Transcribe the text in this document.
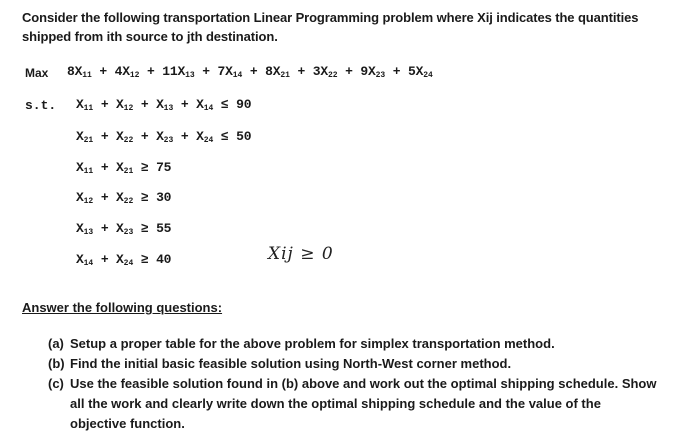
Consider the following transportation Linear Programming problem where Xij indicates the quantities
shipped from ith source to jth destination.
Max $8X_{11} + 4X_{12} + 11X_{13} + 7X_{14} + 8X_{21} + 3X_{22} + 9X_{23} + 5X_{24}$
s.t. $X_{11} + X_{12} + X_{13} + X_{14} \le 90$
$X_{21} + X_{22} + X_{23} + X_{24} \le 50$
$X_{11} + X_{21} \ge 75$
$X_{12} + X_{22} \ge 30$
$X_{13} + X_{23} \ge 55$
$X_{14} + X_{24} \ge 40$	Xij ≥ 0
Answer the following questions:
(a) Setup a proper table for the above problem for simplex transportation method.
(b) Find the initial basic feasible solution using North-West corner method.
(c) Use the feasible solution found in (b) above and work out the optimal shipping schedule. Show all the work and clearly write down the optimal shipping schedule and the value of the objective function.
